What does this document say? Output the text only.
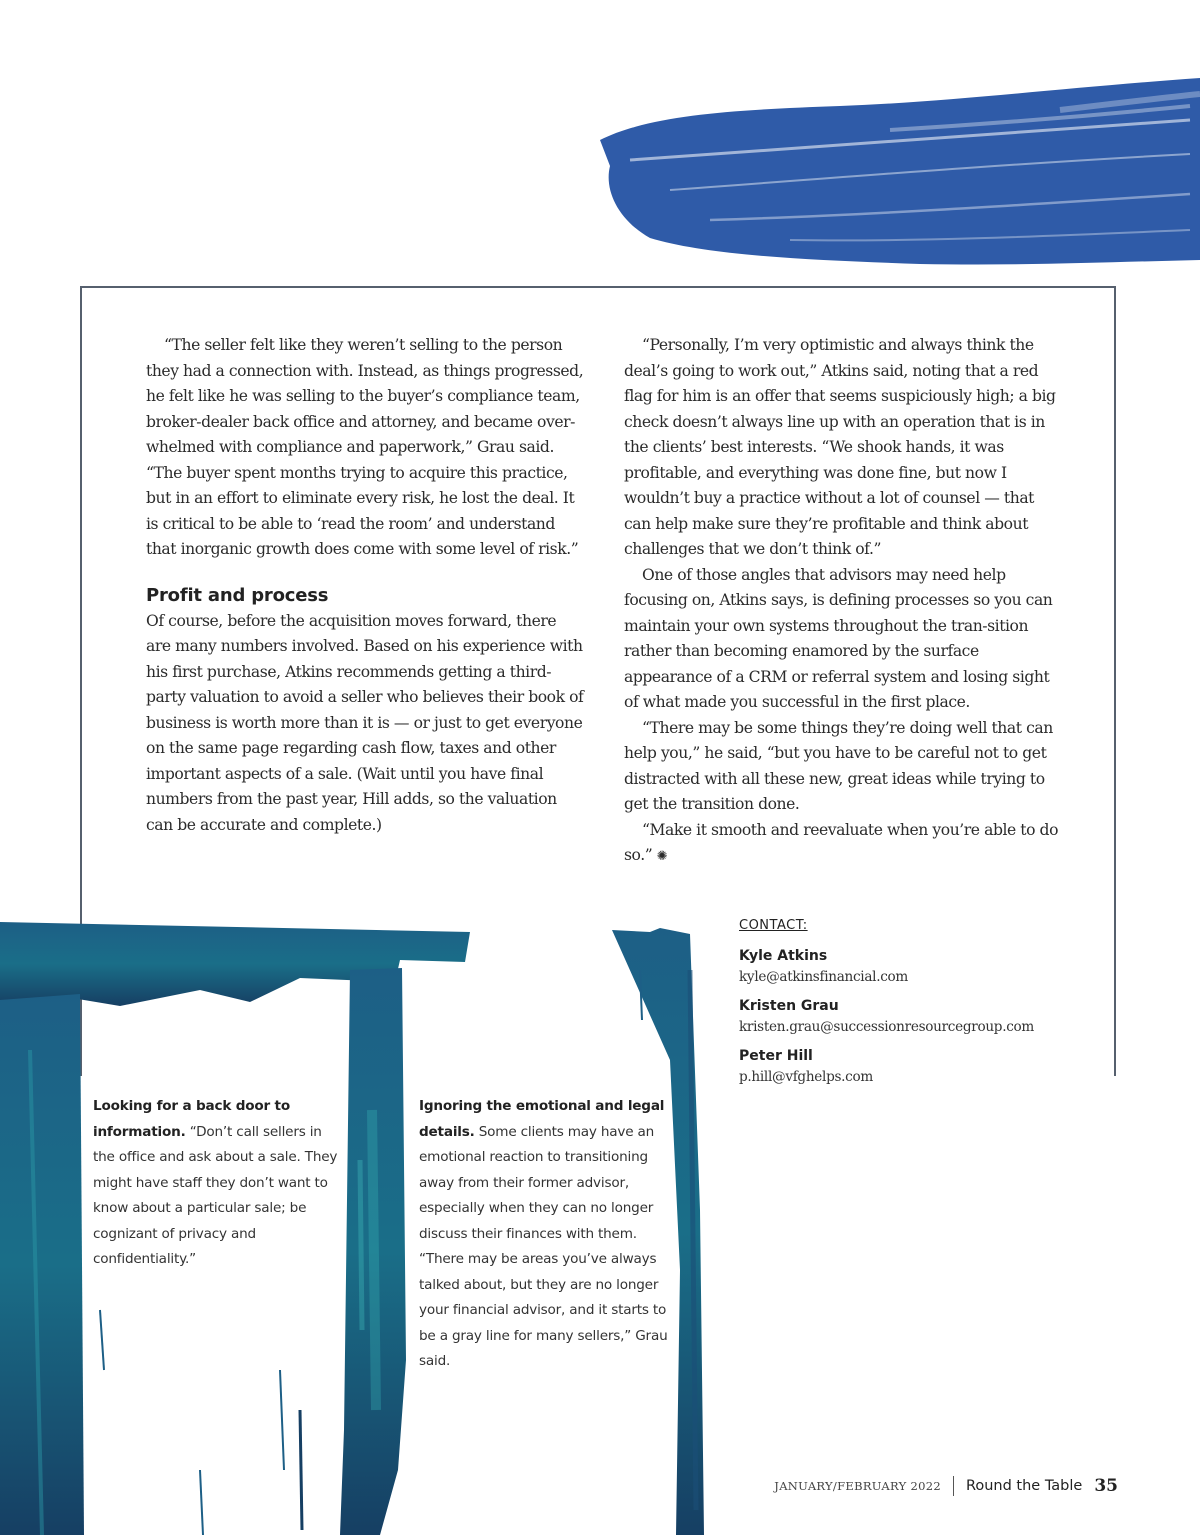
“The seller felt like they weren’t selling to the person they had a connection with. Instead, as things progressed, he felt like he was selling to the buyer’s compliance team, broker-dealer back office and attorney, and became over-whelmed with compliance and paperwork,” Grau said. “The buyer spent months trying to acquire this practice, but in an effort to eliminate every risk, he lost the deal. It is critical to be able to ‘read the room’ and understand that inorganic growth does come with some level of risk.”

Profit and process

Of course, before the acquisition moves forward, there are many numbers involved. Based on his experience with his first purchase, Atkins recommends getting a third-party valuation to avoid a seller who believes their book of business is worth more than it is — or just to get everyone on the same page regarding cash flow, taxes and other important aspects of a sale. (Wait until you have final numbers from the past year, Hill adds, so the valuation can be accurate and complete.)

“Personally, I’m very optimistic and always think the deal’s going to work out,” Atkins said, noting that a red flag for him is an offer that seems suspiciously high; a big check doesn’t always line up with an operation that is in the clients’ best interests. “We shook hands, it was profitable, and everything was done fine, but now I wouldn’t buy a practice without a lot of counsel — that can help make sure they’re profitable and think about challenges that we don’t think of.”

One of those angles that advisors may need help focusing on, Atkins says, is defining processes so you can maintain your own systems throughout the tran-sition rather than becoming enamored by the surface appearance of a CRM or referral system and losing sight of what made you successful in the first place.

“There may be some things they’re doing well that can help you,” he said, “but you have to be careful not to get distracted with all these new, great ideas while trying to get the transition done.

“Make it smooth and reevaluate when you’re able to do so.” ✺

Looking for a back door to information. “Don’t call sellers in the office and ask about a sale. They might have staff they don’t want to know about a particular sale; be cognizant of privacy and confidentiality.”
Ignoring the emotional and legal details. Some clients may have an emotional reaction to transitioning away from their former advisor, especially when they can no longer discuss their finances with them. “There may be areas you’ve always talked about, but they are no longer your financial advisor, and it starts to be a gray line for many sellers,” Grau said.
CONTACT:
Kyle Atkins
kyle@atkinsfinancial.com
Kristen Grau
kristen.grau@successionresourcegroup.com
Peter Hill
p.hill@vfghelps.com
JANUARY/FEBRUARY 2022 Round the Table 35
